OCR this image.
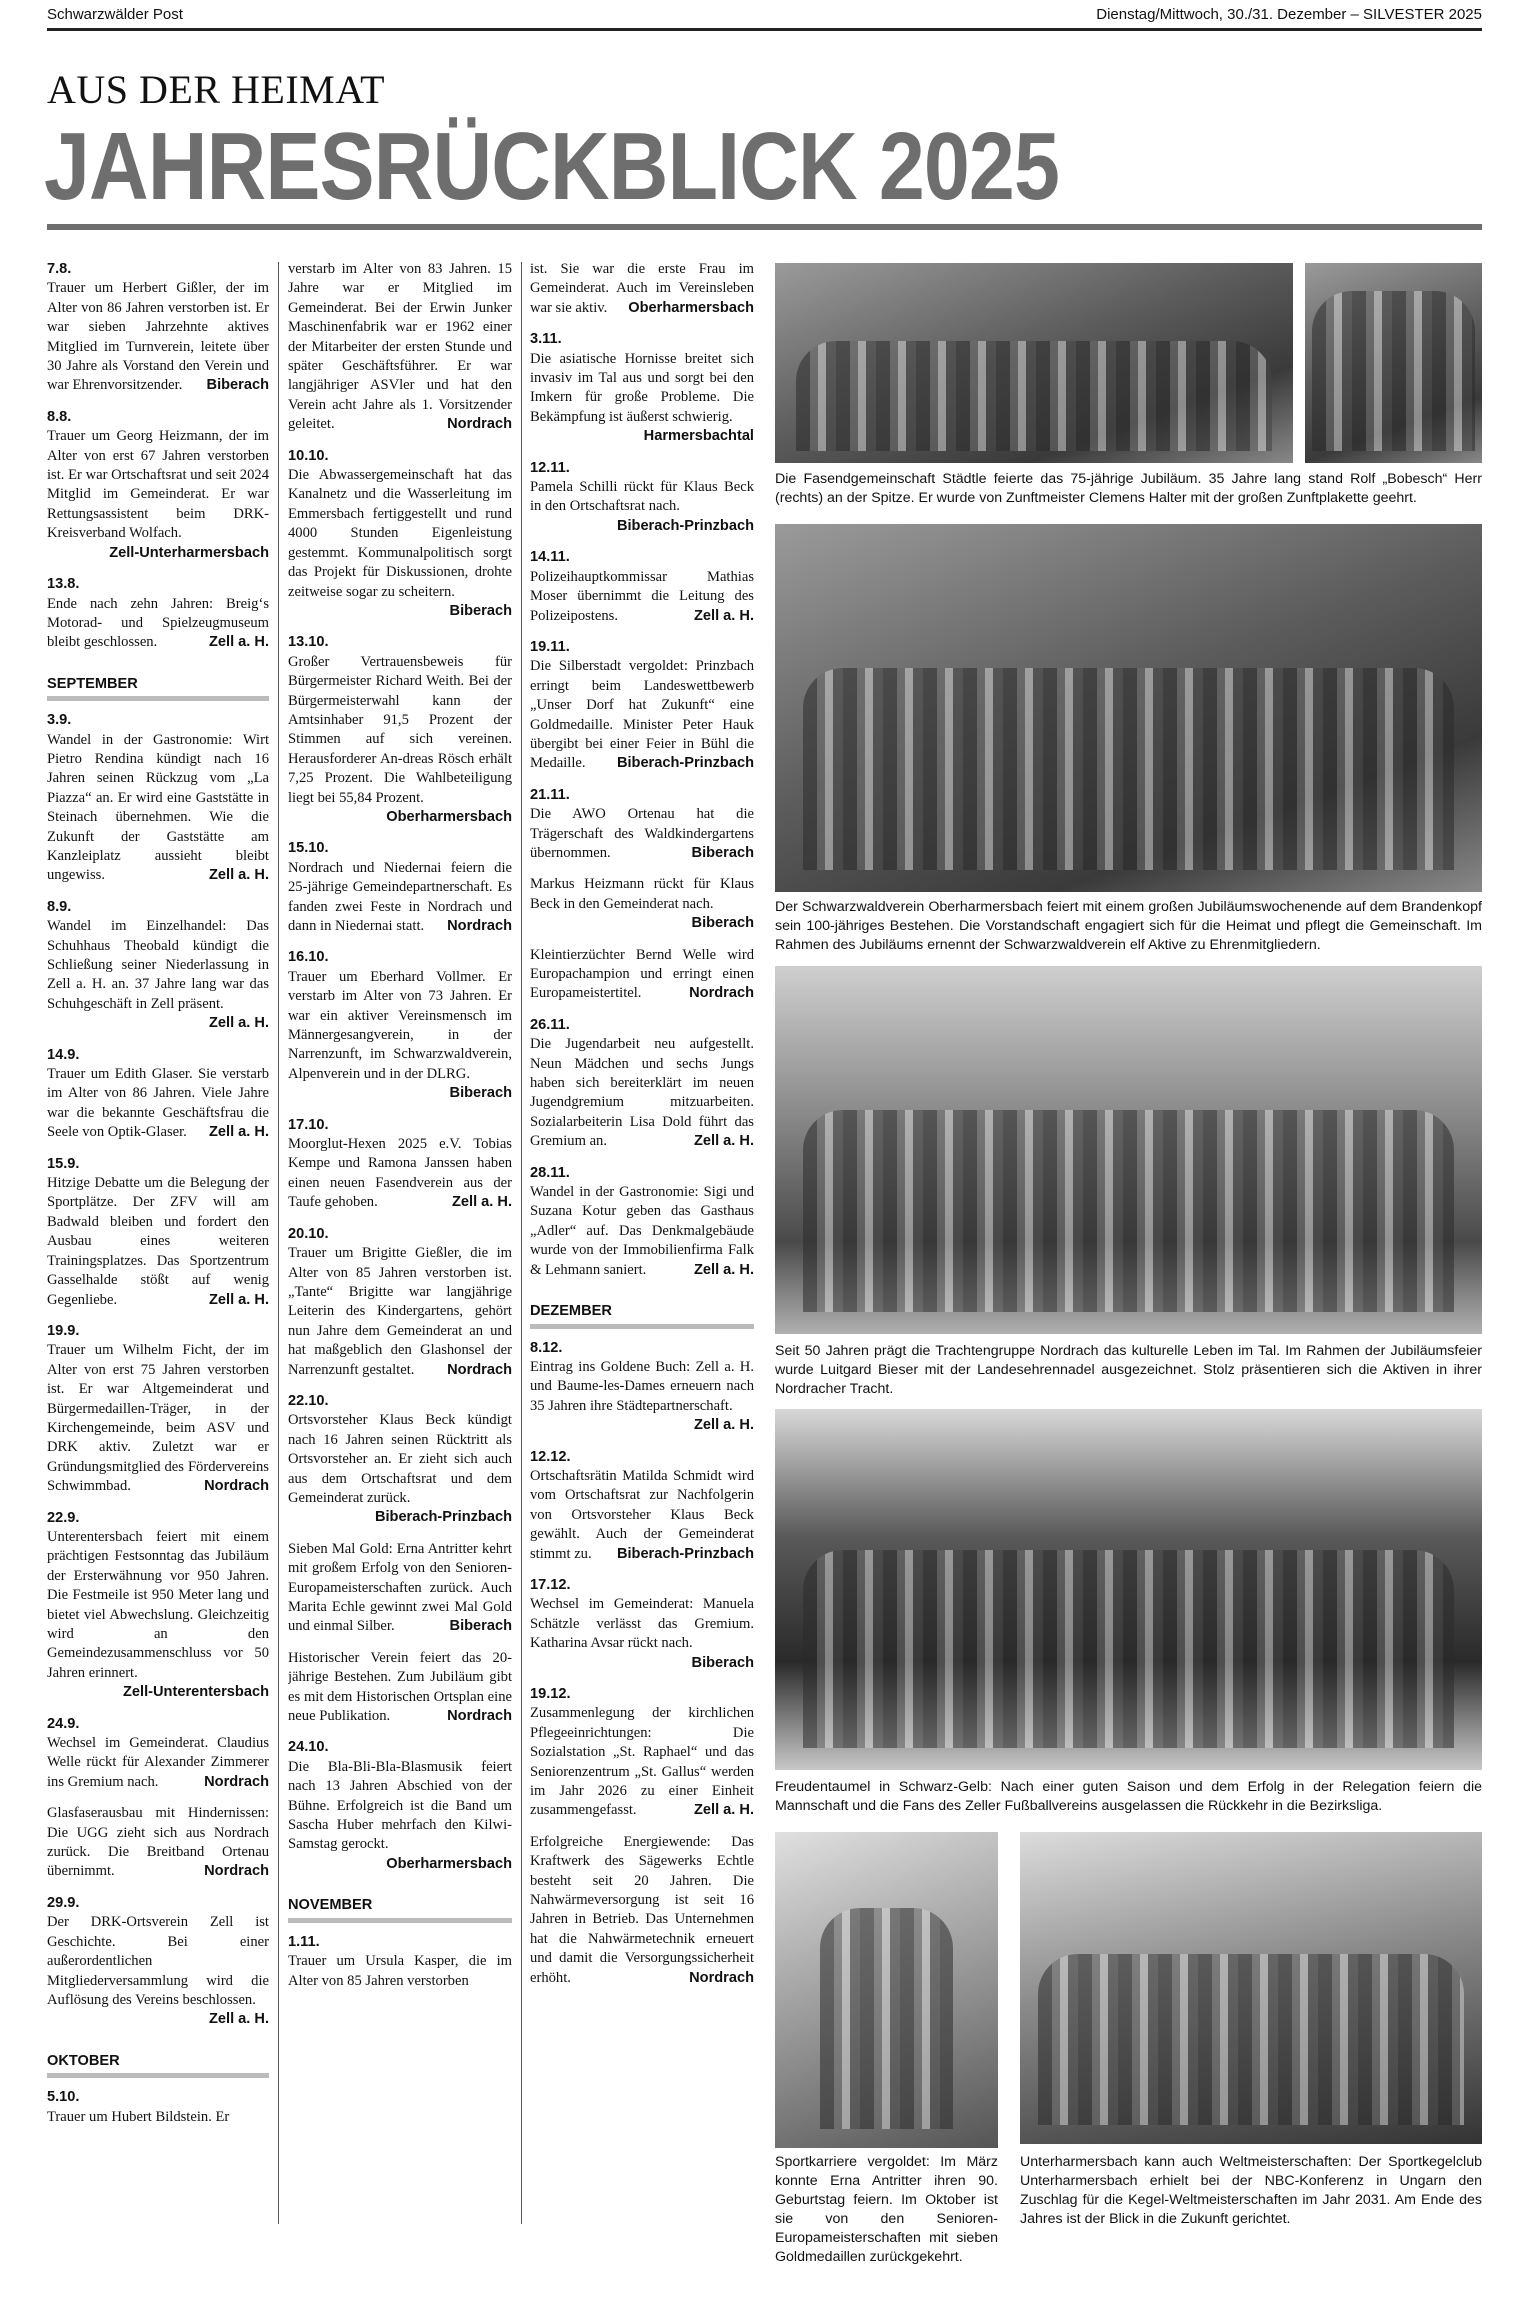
Schwarzwälder Post	Dienstag/Mittwoch, 30./31. Dezember – SILVESTER 2025
AUS DER HEIMAT
JAHRESRÜCKBLICK 2025
7.8.
Trauer um Herbert Gißler, der im Alter von 86 Jahren verstorben ist. Er war sieben Jahrzehnte aktives Mitglied im Turnverein, leitete über 30 Jahre als Vorstand den Verein und war Ehrenvorsitzender. Biberach
8.8.
Trauer um Georg Heizmann, der im Alter von erst 67 Jahren verstorben ist. Er war Ortschaftsrat und seit 2024 Mitglid im Gemeinderat. Er war Rettungsassistent beim DRK-Kreisverband Wolfach.
Zell-Unterharmersbach
13.8.
Ende nach zehn Jahren: Breig‘s Motorad- und Spielzeugmuseum bleibt geschlossen.	Zell a. H.
SEPTEMBER
3.9.
Wandel in der Gastronomie: Wirt Pietro Rendina kündigt nach 16 Jahren seinen Rückzug vom „La Piazza“ an. Er wird eine Gaststätte in Steinach übernehmen. Wie die Zukunft der Gaststätte am Kanzleiplatz aussieht bleibt ungewiss.	Zell a. H.
8.9.
Wandel im Einzelhandel: Das Schuhhaus Theobald kündigt die Schließung seiner Niederlassung in Zell a. H. an. 37 Jahre lang war das Schuhgeschäft in Zell präsent.
Zell a. H.
14.9.
Trauer um Edith Glaser. Sie verstarb im Alter von 86 Jahren. Viele Jahre war die bekannte Geschäftsfrau die Seele von Optik-Glaser. Zell a. H.
15.9.
Hitzige Debatte um die Belegung der Sportplätze. Der ZFV will am Badwald bleiben und fordert den Ausbau eines weiteren Trainingsplatzes. Das Sportzentrum Gasselhalde stößt auf wenig Gegenliebe.	Zell a. H.
19.9.
Trauer um Wilhelm Ficht, der im Alter von erst 75 Jahren verstorben ist. Er war Altgemeinderat und Bürgermedaillen-Träger, in der Kirchengemeinde, beim ASV und DRK aktiv. Zuletzt war er Gründungsmitglied des Fördervereins Schwimmbad.	Nordrach
22.9.
Unterentersbach feiert mit einem prächtigen Festsonntag das Jubiläum der Ersterwähnung vor 950 Jahren. Die Festmeile ist 950 Meter lang und bietet viel Abwechslung. Gleichzeitig wird an den Gemeindezusammenschluss vor 50 Jahren erinnert.
Zell-Unterentersbach
24.9.
Wechsel im Gemeinderat. Claudius Welle rückt für Alexander Zimmerer ins Gremium nach.	Nordrach
Glasfaserausbau mit Hindernissen: Die UGG zieht sich aus Nordrach zurück. Die Breitband Ortenau übernimmt.	Nordrach
29.9.
Der DRK-Ortsverein Zell ist Geschichte. Bei einer außerordentlichen Mitgliederversammlung wird die Auflösung des Vereins beschlossen.
Zell a. H.
OKTOBER
5.10.
Trauer um Hubert Bildstein. Er
verstarb im Alter von 83 Jahren. 15 Jahre war er Mitglied im Gemeinderat. Bei der Erwin Junker Maschinenfabrik war er 1962 einer der Mitarbeiter der ersten Stunde und später Geschäftsführer. Er war langjähriger ASVler und hat den Verein acht Jahre als 1. Vorsitzender geleitet.	Nordrach
10.10.
Die Abwassergemeinschaft hat das Kanalnetz und die Wasserleitung im Emmersbach fertiggestellt und rund 4000 Stunden Eigenleistung gestemmt. Kommunalpolitisch sorgt das Projekt für Diskussionen, drohte zeitweise sogar zu scheitern.
Biberach
13.10.
Großer Vertrauensbeweis für Bürgermeister Richard Weith. Bei der Bürgermeisterwahl kann der Amtsinhaber 91,5 Prozent der Stimmen auf sich vereinen. Herausforderer An-dreas Rösch erhält 7,25 Prozent. Die Wahlbeteiligung liegt bei 55,84 Prozent.
Oberharmersbach
15.10.
Nordrach und Niedernai feiern die 25-jährige Gemeindepartnerschaft. Es fanden zwei Feste in Nordrach und dann in Niedernai statt. Nordrach
16.10.
Trauer um Eberhard Vollmer. Er verstarb im Alter von 73 Jahren. Er war ein aktiver Vereinsmensch im Männergesangverein, in der Narrenzunft, im Schwarzwaldverein, Alpenverein und in der DLRG.
Biberach
17.10.
Moorglut-Hexen 2025 e.V. Tobias Kempe und Ramona Janssen haben einen neuen Fasendverein aus der Taufe gehoben.	Zell a. H.
20.10.
Trauer um Brigitte Gießler, die im Alter von 85 Jahren verstorben ist. „Tante“ Brigitte war langjährige Leiterin des Kindergartens, gehört nun Jahre dem Gemeinderat an und hat maßgeblich den Glashonsel der Narrenzunft gestaltet. Nordrach
22.10.
Ortsvorsteher Klaus Beck kündigt nach 16 Jahren seinen Rücktritt als Ortsvorsteher an. Er zieht sich auch aus dem Ortschaftsrat und dem Gemeinderat zurück.
Biberach-Prinzbach
Sieben Mal Gold: Erna Antritter kehrt mit großem Erfolg von den Senioren-Europameisterschaften zurück. Auch Marita Echle gewinnt zwei Mal Gold und einmal Silber.	Biberach
Historischer Verein feiert das 20-jährige Bestehen. Zum Jubiläum gibt es mit dem Historischen Ortsplan eine neue Publikation.	Nordrach
24.10.
Die Bla-Bli-Bla-Blasmusik feiert nach 13 Jahren Abschied von der Bühne. Erfolgreich ist die Band um Sascha Huber mehrfach den Kilwi-Samstag gerockt.
Oberharmersbach
NOVEMBER
1.11.
Trauer um Ursula Kasper, die im Alter von 85 Jahren verstorben
ist. Sie war die erste Frau im Gemeinderat. Auch im Vereinsleben war sie aktiv. Oberharmersbach
3.11.
Die asiatische Hornisse breitet sich invasiv im Tal aus und sorgt bei den Imkern für große Probleme. Die Bekämpfung ist äußerst schwierig.
Harmersbachtal
12.11.
Pamela Schilli rückt für Klaus Beck in den Ortschaftsrat nach.
Biberach-Prinzbach
14.11.
Polizeihauptkommissar Mathias Moser übernimmt die Leitung des Polizeipostens.	Zell a. H.
19.11.
Die Silberstadt vergoldet: Prinzbach erringt beim Landeswettbewerb „Unser Dorf hat Zukunft“ eine Goldmedaille. Minister Peter Hauk übergibt bei einer Feier in Bühl die Medaille. Biberach-Prinzbach
21.11.
Die AWO Ortenau hat die Trägerschaft des Waldkindergartens übernommen.	Biberach
Markus Heizmann rückt für Klaus Beck in den Gemeinderat nach.
Biberach
Kleintierzüchter Bernd Welle wird Europachampion und erringt einen Europameistertitel.	Nordrach
26.11.
Die Jugendarbeit neu aufgestellt. Neun Mädchen und sechs Jungs haben sich bereiterklärt im neuen Jugendgremium mitzuarbeiten. Sozialarbeiterin Lisa Dold führt das Gremium an.	Zell a. H.
28.11.
Wandel in der Gastronomie: Sigi und Suzana Kotur geben das Gasthaus „Adler“ auf. Das Denkmalgebäude wurde von der Immobilienfirma Falk & Lehmann saniert.	Zell a. H.
DEZEMBER
8.12.
Eintrag ins Goldene Buch: Zell a. H. und Baume-les-Dames erneuern nach 35 Jahren ihre Städtepartnerschaft.
Zell a. H.
12.12.
Ortschaftsrätin Matilda Schmidt wird vom Ortschaftsrat zur Nachfolgerin von Ortsvorsteher Klaus Beck gewählt. Auch der Gemeinderat stimmt zu. Biberach-Prinzbach
17.12.
Wechsel im Gemeinderat: Manuela Schätzle verlässt das Gremium. Katharina Avsar rückt nach.
Biberach
19.12.
Zusammenlegung der kirchlichen Pflegeeinrichtungen: Die Sozialstation „St. Raphael“ und das Seniorenzentrum „St. Gallus“ werden im Jahr 2026 zu einer Einheit zusammengefasst.	Zell a. H.
Erfolgreiche Energiewende: Das Kraftwerk des Sägewerks Echtle besteht seit 20 Jahren. Die Nahwärmeversorgung ist seit 16 Jahren in Betrieb. Das Unternehmen hat die Nahwärmetechnik erneuert und damit die Versorgungssicherheit erhöht.	Nordrach
Die Fasendgemeinschaft Städtle feierte das 75-jährige Jubiläum. 35 Jahre lang stand Rolf „Bobesch“ Herr (rechts) an der Spitze. Er wurde von Zunftmeister Clemens Halter mit der großen Zunftplakette geehrt.
Der Schwarzwaldverein Oberharmersbach feiert mit einem großen Jubiläumswochenende auf dem Brandenkopf sein 100-jähriges Bestehen. Die Vorstandschaft engagiert sich für die Heimat und pflegt die Gemeinschaft. Im Rahmen des Jubiläums ernennt der Schwarzwaldverein elf Aktive zu Ehrenmitgliedern.
Seit 50 Jahren prägt die Trachtengruppe Nordrach das kulturelle Leben im Tal. Im Rahmen der Jubiläumsfeier wurde Luitgard Bieser mit der Landesehrennadel ausgezeichnet. Stolz präsentieren sich die Aktiven in ihrer Nordracher Tracht.
Freudentaumel in Schwarz-Gelb: Nach einer guten Saison und dem Erfolg in der Relegation feiern die Mannschaft und die Fans des Zeller Fußballvereins ausgelassen die Rückkehr in die Bezirksliga.
Sportkarriere vergoldet: Im März konnte Erna Antritter ihren 90. Geburtstag feiern. Im Oktober ist sie von den Senioren-Europameisterschaften mit sieben Goldmedaillen zurückgekehrt.
Unterharmersbach kann auch Weltmeisterschaften: Der Sportkegelclub Unterharmersbach erhielt bei der NBC-Konferenz in Ungarn den Zuschlag für die Kegel-Weltmeisterschaften im Jahr 2031. Am Ende des Jahres ist der Blick in die Zukunft gerichtet.
